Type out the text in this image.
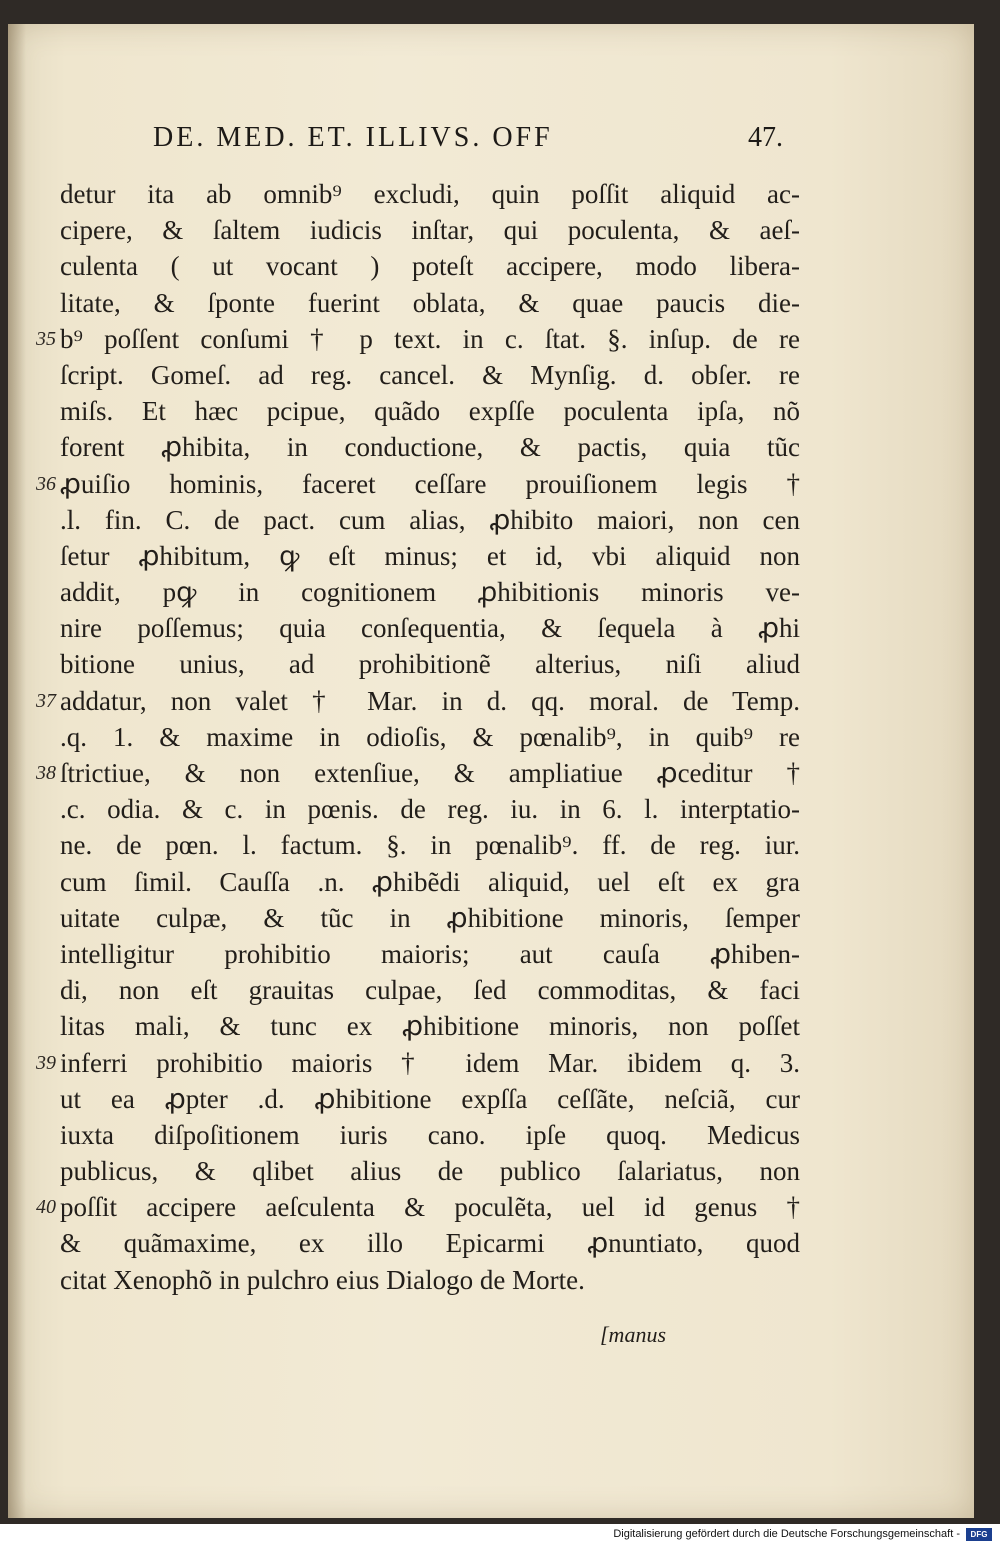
DE. MED. ET. ILLIVS. OFF	47.
detur ita ab omnib⁹ excludi, quin poſſit aliquid ac-
cipere, & ſaltem iudicis inſtar, qui poculenta, & aeſ-
culenta ( ut vocant ) poteſt accipere, modo libera-
litate, & ſponte fuerint oblata, & quae paucis die-
35 b⁹ poſſent conſumi † p text. in c. ſtat. §. inſup. de re
ſcript. Gomeſ. ad reg. cancel. & Mynſig. d. obſer. re
miſs. Et hæc pcipue, quãdo expſſe poculenta ipſa, nõ
forent ꝓhibita, in conductione, & pactis, quia tũc
36 ꝓuiſio hominis, faceret ceſſare prouiſionem legis †
.l. fin. C. de pact. cum alias, ꝓhibito maiori, non cen
ſetur ꝓhibitum, ꝙ eſt minus; et id, vbi aliquid non
addit, pꝙ in cognitionem ꝓhibitionis minoris ve-
nire poſſemus; quia conſequentia, & ſequela à ꝓhi
bitione unius, ad prohibitionẽ alterius, niſi aliud
37 addatur, non valet † Mar. in d. qq. moral. de Temp.
.q. 1. & maxime in odioſis, & pœnalib⁹, in quib⁹ re
38 ſtrictiue, & non extenſiue, & ampliatiue ꝓceditur †
.c. odia. & c. in pœnis. de reg. iu. in 6. l. interptatio-
ne. de pœn. l. factum. §. in pœnalib⁹. ff. de reg. iur.
cum ſimil. Cauſſa .n. ꝓhibẽdi aliquid, uel eſt ex gra
uitate culpæ, & tũc in ꝓhibitione minoris, ſemper
intelligitur prohibitio maioris; aut cauſa ꝓhiben-
di, non eſt grauitas culpae, ſed commoditas, & faci
litas mali, & tunc ex ꝓhibitione minoris, non poſſet
39 inferri prohibitio maioris † idem Mar. ibidem q. 3.
ut ea ꝓpter .d. ꝓhibitione expſſa ceſſãte, neſciã, cur
iuxta diſpoſitionem iuris cano. ipſe quoq. Medicus
publicus, & qlibet alius de publico ſalariatus, non
40 poſſit accipere aeſculenta & poculẽta, uel id genus †
& quãmaxime, ex illo Epicarmi ꝓnuntiato, quod
citat Xenophõ in pulchro eius Dialogo de Morte.
[manus
Digitalisierung gefördert durch die Deutsche Forschungsgemeinschaft -	DFG
